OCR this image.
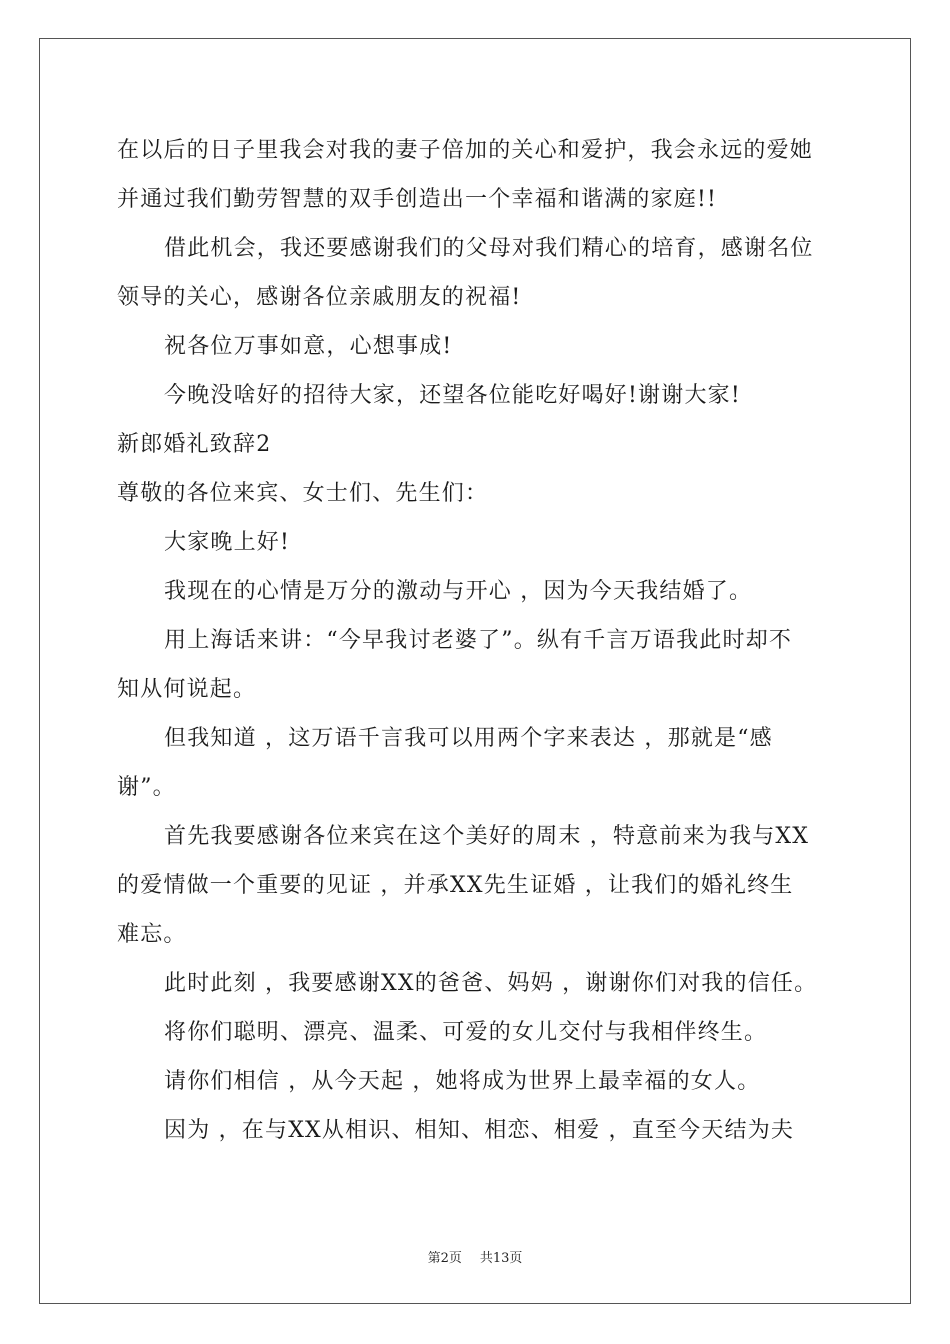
在以后的日子里我会对我的妻子倍加的关心和爱护，我会永远的爱她
并通过我们勤劳智慧的双手创造出一个幸福和谐满的家庭!!
借此机会，我还要感谢我们的父母对我们精心的培育，感谢名位
领导的关心，感谢各位亲戚朋友的祝福!
祝各位万事如意，心想事成!
今晚没啥好的招待大家，还望各位能吃好喝好!谢谢大家!
新郎婚礼致辞2
尊敬的各位来宾、女士们、先生们：
大家晚上好!
我现在的心情是万分的激动与开心 ，因为今天我结婚了。
用上海话来讲：“今早我讨老婆了”。纵有千言万语我此时却不
知从何说起。
但我知道 ，这万语千言我可以用两个字来表达 ，那就是“感
谢”。
首先我要感谢各位来宾在这个美好的周末 ，特意前来为我与XX
的爱情做一个重要的见证 ，并承XX先生证婚 ，让我们的婚礼终生
难忘。
此时此刻 ，我要感谢XX的爸爸、妈妈 ，谢谢你们对我的信任。
将你们聪明、漂亮、温柔、可爱的女儿交付与我相伴终生。
请你们相信 ，从今天起 ，她将成为世界上最幸福的女人。
因为 ，在与XX从相识、相知、相恋、相爱 ，直至今天结为夫
第2页 共13页
